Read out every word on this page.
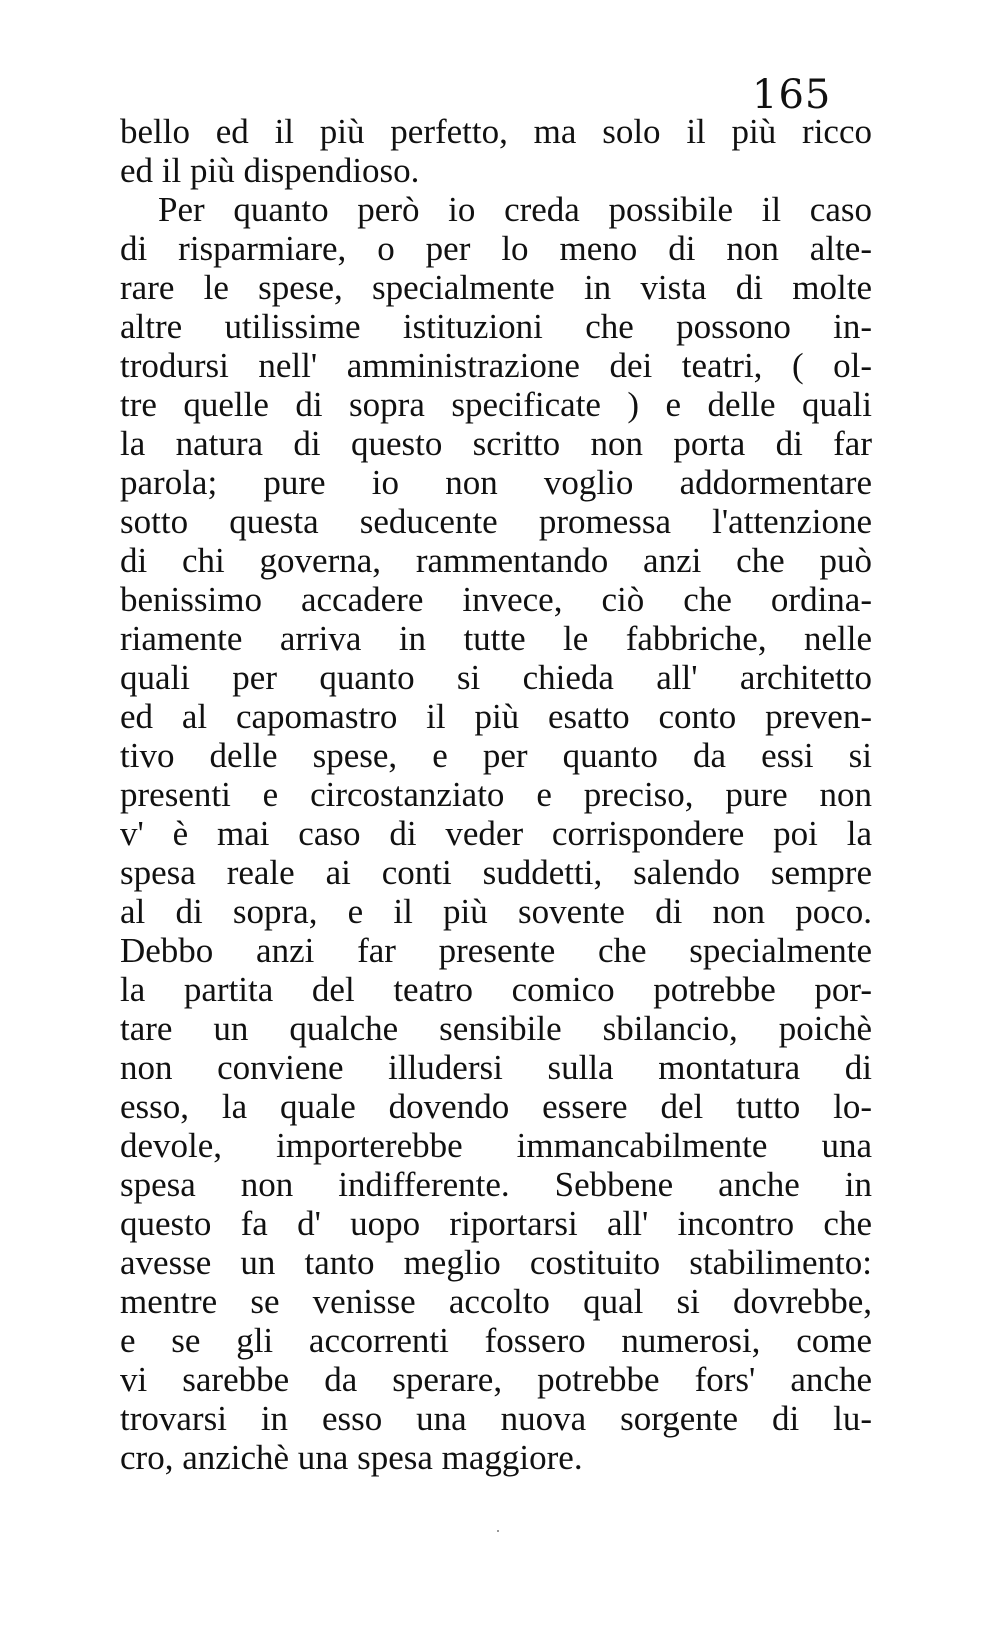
165
bello ed il più perfetto, ma solo il più ricco
ed il più dispendioso.
Per quanto però io creda possibile il caso
di risparmiare, o per lo meno di non alte-
rare le spese, specialmente in vista di molte
altre utilissime istituzioni che possono in-
trodursi nell' amministrazione dei teatri, ( ol-
tre quelle di sopra specificate ) e delle quali
la natura di questo scritto non porta di far
parola; pure io non voglio addormentare
sotto questa seducente promessa l'attenzione
di chi governa, rammentando anzi che può
benissimo accadere invece, ciò che ordina-
riamente arriva in tutte le fabbriche, nelle
quali per quanto si chieda all' architetto
ed al capomastro il più esatto conto preven-
tivo delle spese, e per quanto da essi si
presenti e circostanziato e preciso, pure non
v' è mai caso di veder corrispondere poi la
spesa reale ai conti suddetti, salendo sempre
al di sopra, e il più sovente di non poco.
Debbo anzi far presente che specialmente
la partita del teatro comico potrebbe por-
tare un qualche sensibile sbilancio, poichè
non conviene illudersi sulla montatura di
esso, la quale dovendo essere del tutto lo-
devole, importerebbe immancabilmente una
spesa non indifferente. Sebbene anche in
questo fa d' uopo riportarsi all' incontro che
avesse un tanto meglio costituito stabilimento:
mentre se venisse accolto qual si dovrebbe,
e se gli accorrenti fossero numerosi, come
vi sarebbe da sperare, potrebbe fors' anche
trovarsi in esso una nuova sorgente di lu-
cro, anzichè una spesa maggiore.
